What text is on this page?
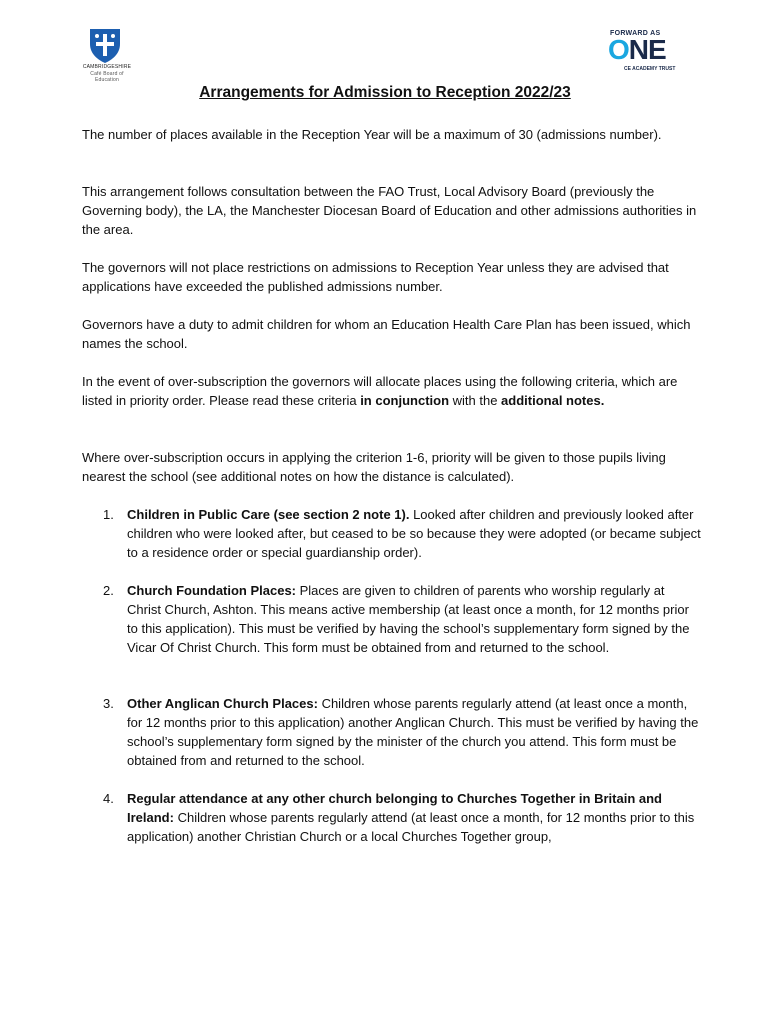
CAMBRIDGESHIRE
Café Board of Education
FORWARD AS
ONE
CE ACADEMY TRUST
Arrangements for Admission to Reception 2022/23

The number of places available in the Reception Year will be a maximum of 30 (admissions number).

This arrangement follows consultation between the FAO Trust, Local Advisory Board (previously the Governing body), the LA, the Manchester Diocesan Board of Education and other admissions authorities in the area.

The governors will not place restrictions on admissions to Reception Year unless they are advised that applications have exceeded the published admissions number.

Governors have a duty to admit children for whom an Education Health Care Plan has been issued, which names the school.

In the event of over-subscription the governors will allocate places using the following criteria, which are listed in priority order. Please read these criteria in conjunction with the additional notes.

Where over-subscription occurs in applying the criterion 1-6, priority will be given to those pupils living nearest the school (see additional notes on how the distance is calculated).

1. Children in Public Care (see section 2 note 1). Looked after children and previously looked after children who were looked after, but ceased to be so because they were adopted (or became subject to a residence order or special guardianship order).
2. Church Foundation Places: Places are given to children of parents who worship regularly at Christ Church, Ashton. This means active membership (at least once a month, for 12 months prior to this application). This must be verified by having the school’s supplementary form signed by the Vicar Of Christ Church. This form must be obtained from and returned to the school.
3. Other Anglican Church Places: Children whose parents regularly attend (at least once a month, for 12 months prior to this application) another Anglican Church. This must be verified by having the school’s supplementary form signed by the minister of the church you attend. This form must be obtained from and returned to the school.
4. Regular attendance at any other church belonging to Churches Together in Britain and Ireland: Children whose parents regularly attend (at least once a month, for 12 months prior to this application) another Christian Church or a local Churches Together group,
